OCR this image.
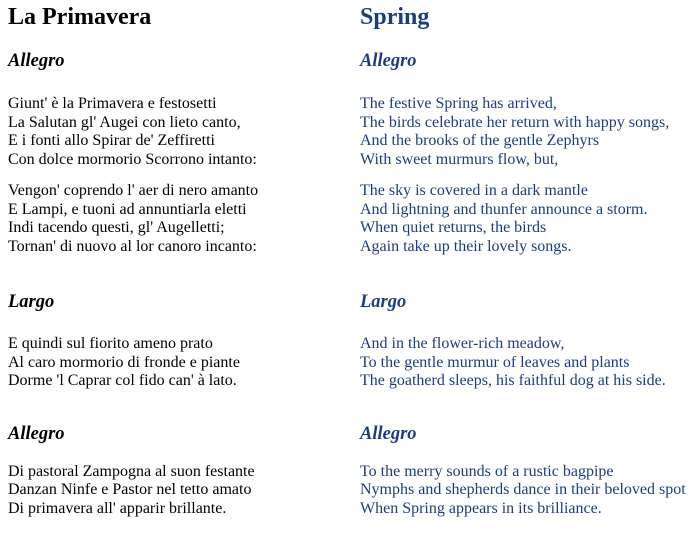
La Primavera
Allegro

Giunt' è la Primavera e festosetti
La Salutan gl' Augei con lieto canto,
E i fonti allo Spirar de' Zeffiretti
Con dolce mormorio Scorrono intanto:

Vengon' coprendo l' aer di nero amanto
E Lampi, e tuoni ad annuntiarla eletti
Indi tacendo questi, gl' Augelletti;
Tornan' di nuovo al lor canoro incanto:

Largo

E quindi sul fiorito ameno prato
Al caro mormorio di fronde e piante
Dorme 'l Caprar col fido can' à lato.

Allegro

Di pastoral Zampogna al suon festante
Danzan Ninfe e Pastor nel tetto amato
Di primavera all' apparir brillante.

Spring
Allegro

The festive Spring has arrived,
The birds celebrate her return with happy songs,
And the brooks of the gentle Zephyrs
With sweet murmurs flow, but,

The sky is covered in a dark mantle
And lightning and thunfer announce a storm.
When quiet returns, the birds
Again take up their lovely songs.

Largo

And in the flower-rich meadow,
To the gentle murmur of leaves and plants
The goatherd sleeps, his faithful dog at his side.

Allegro

To the merry sounds of a rustic bagpipe
Nymphs and shepherds dance in their beloved spot
When Spring appears in its brilliance.
